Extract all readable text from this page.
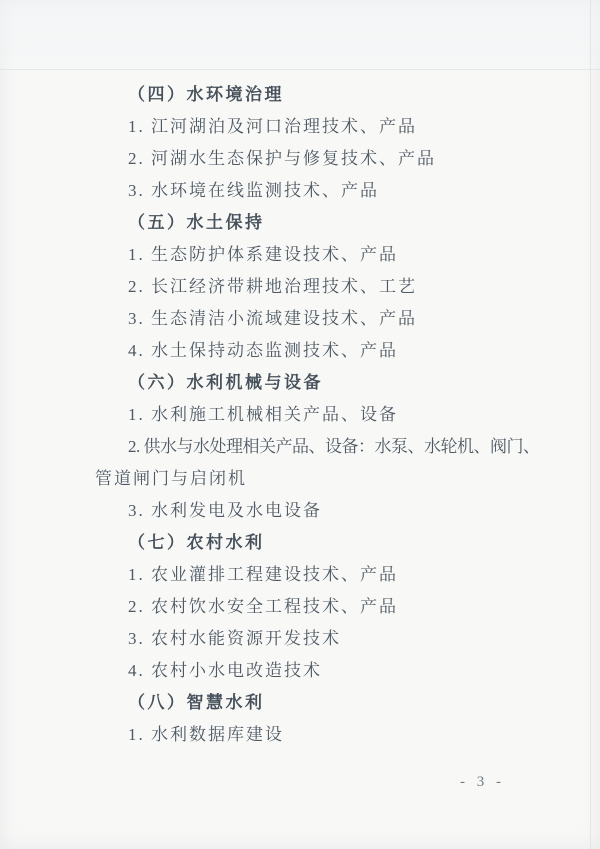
（四）水环境治理
1. 江河湖泊及河口治理技术、产品
2. 河湖水生态保护与修复技术、产品
3. 水环境在线监测技术、产品
（五）水土保持
1. 生态防护体系建设技术、产品
2. 长江经济带耕地治理技术、工艺
3. 生态清洁小流域建设技术、产品
4. 水土保持动态监测技术、产品
（六）水利机械与设备
1. 水利施工机械相关产品、设备
2. 供水与水处理相关产品、设备：水泵、水轮机、阀门、
管道闸门与启闭机
3. 水利发电及水电设备
（七）农村水利
1. 农业灌排工程建设技术、产品
2. 农村饮水安全工程技术、产品
3. 农村水能资源开发技术
4. 农村小水电改造技术
（八）智慧水利
1. 水利数据库建设
- 3 -
